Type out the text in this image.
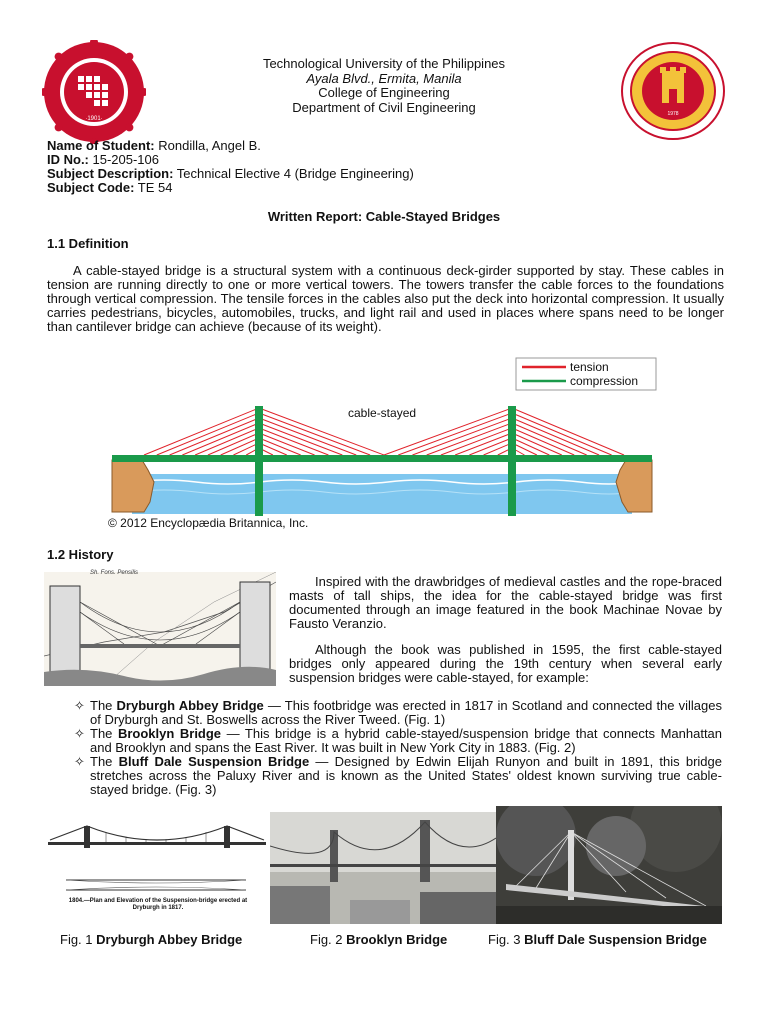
·1901·
1978
Technological University of the Philippines
Ayala Blvd., Ermita, Manila
College of Engineering
Department of Civil Engineering
Name of Student: Rondilla, Angel B.
ID No.: 15-205-106
Subject Description: Technical Elective 4 (Bridge Engineering)
Subject Code: TE 54
Written Report: Cable-Stayed Bridges
1.1 Definition
A cable-stayed bridge is a structural system with a continuous deck-girder supported by stay. These cables in tension are running directly to one or more vertical towers. The towers transfer the cable forces to the foundations through vertical compression. The tensile forces in the cables also put the deck into horizontal compression. It usually carries pedestrians, bicycles, automobiles, trucks, and light rail and used in places where spans need to be longer than cantilever bridge can achieve (because of its weight).
tension
compression
cable-stayed
© 2012 Encyclopædia Britannica, Inc.
1.2 History
Sh. Fons. Pensilis
Inspired with the drawbridges of medieval castles and the rope-braced masts of tall ships, the idea for the cable-stayed bridge was first documented through an image featured in the book Machinae Novae by Fausto Veranzio.
Although the book was published in 1595, the first cable-stayed bridges only appeared during the 19th century when several early suspension bridges were cable-stayed, for example:
✧ The Dryburgh Abbey Bridge — This footbridge was erected in 1817 in Scotland and connected the villages of Dryburgh and St. Boswells across the River Tweed. (Fig. 1)
✧ The Brooklyn Bridge — This bridge is a hybrid cable-stayed/suspension bridge that connects Manhattan and Brooklyn and spans the East River. It was built in New York City in 1883. (Fig. 2)
✧ The Bluff Dale Suspension Bridge — Designed by Edwin Elijah Runyon and built in 1891, this bridge stretches across the Paluxy River and is known as the United States' oldest known surviving true cable-stayed bridge. (Fig. 3)
1804.—Plan and Elevation of the Suspension-bridge erected at Dryburgh in 1817.
Fig. 1 Dryburgh Abbey Bridge	Fig. 2 Brooklyn Bridge	Fig. 3 Bluff Dale Suspension Bridge
